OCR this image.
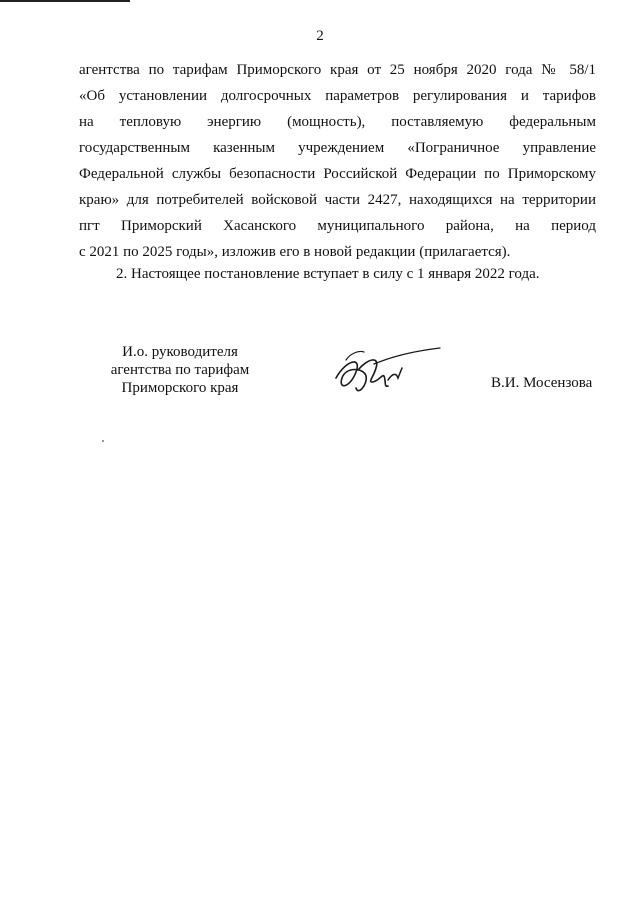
2
агентства по тарифам Приморского края от 25 ноября 2020 года № 58/1
«Об установлении долгосрочных параметров регулирования и тарифов
на тепловую энергию (мощность), поставляемую федеральным
государственным казенным учреждением «Пограничное управление
Федеральной службы безопасности Российской Федерации по Приморскому
краю» для потребителей войсковой части 2427, находящихся на территории
пгт Приморский Хасанского муниципального района, на период
с 2021 по 2025 годы», изложив его в новой редакции (прилагается).
2. Настоящее постановление вступает в силу с 1 января 2022 года.
И.о. руководителя
агентства по тарифам
Приморского края	В.И. Мосензова
